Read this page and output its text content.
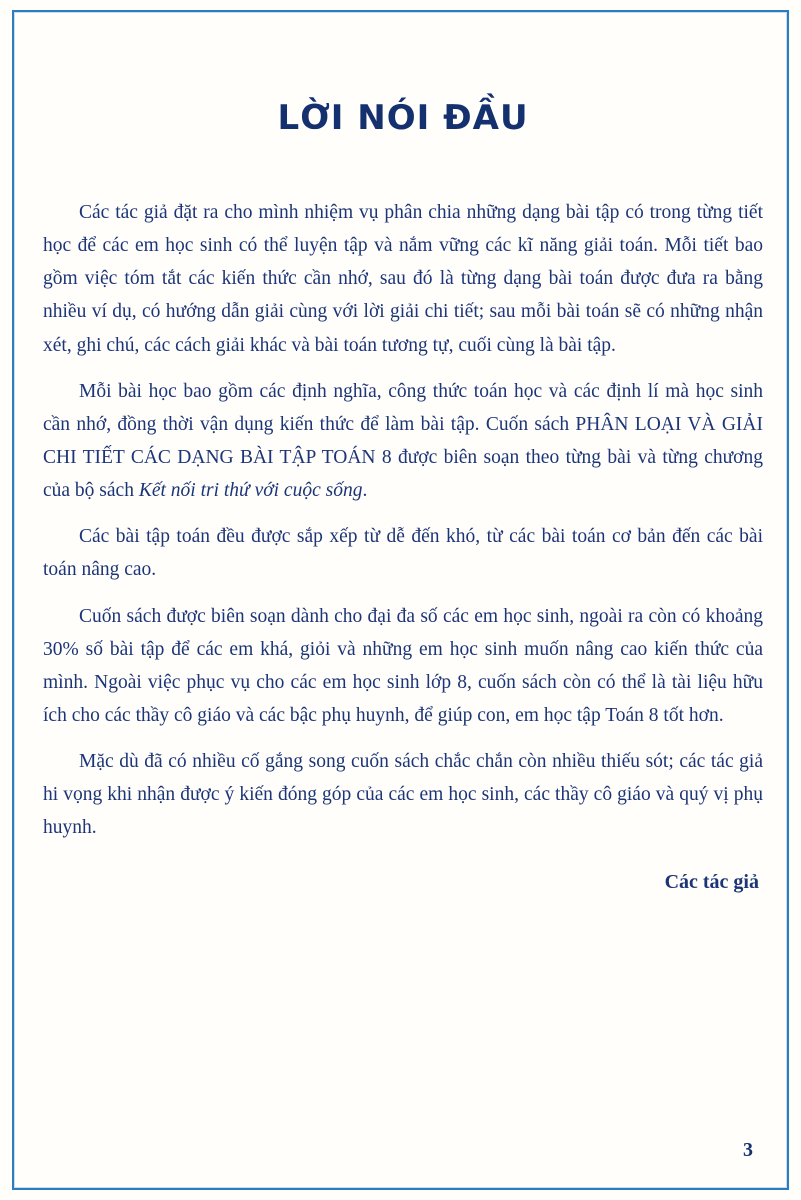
LỜI NÓI ĐẦU

Các tác giả đặt ra cho mình nhiệm vụ phân chia những dạng bài tập có trong từng tiết học để các em học sinh có thể luyện tập và nắm vững các kĩ năng giải toán. Mỗi tiết bao gồm việc tóm tắt các kiến thức cần nhớ, sau đó là từng dạng bài toán được đưa ra bằng nhiều ví dụ, có hướng dẫn giải cùng với lời giải chi tiết; sau mỗi bài toán sẽ có những nhận xét, ghi chú, các cách giải khác và bài toán tương tự, cuối cùng là bài tập.

Mỗi bài học bao gồm các định nghĩa, công thức toán học và các định lí mà học sinh cần nhớ, đồng thời vận dụng kiến thức để làm bài tập. Cuốn sách PHÂN LOẠI VÀ GIẢI CHI TIẾT CÁC DẠNG BÀI TẬP TOÁN 8 được biên soạn theo từng bài và từng chương của bộ sách Kết nối tri thứ với cuộc sống.

Các bài tập toán đều được sắp xếp từ dễ đến khó, từ các bài toán cơ bản đến các bài toán nâng cao.

Cuốn sách được biên soạn dành cho đại đa số các em học sinh, ngoài ra còn có khoảng 30% số bài tập để các em khá, giỏi và những em học sinh muốn nâng cao kiến thức của mình. Ngoài việc phục vụ cho các em học sinh lớp 8, cuốn sách còn có thể là tài liệu hữu ích cho các thầy cô giáo và các bậc phụ huynh, để giúp con, em học tập Toán 8 tốt hơn.

Mặc dù đã có nhiều cố gắng song cuốn sách chắc chắn còn nhiều thiếu sót; các tác giả hi vọng khi nhận được ý kiến đóng góp của các em học sinh, các thầy cô giáo và quý vị phụ huynh.

Các tác giả

3
